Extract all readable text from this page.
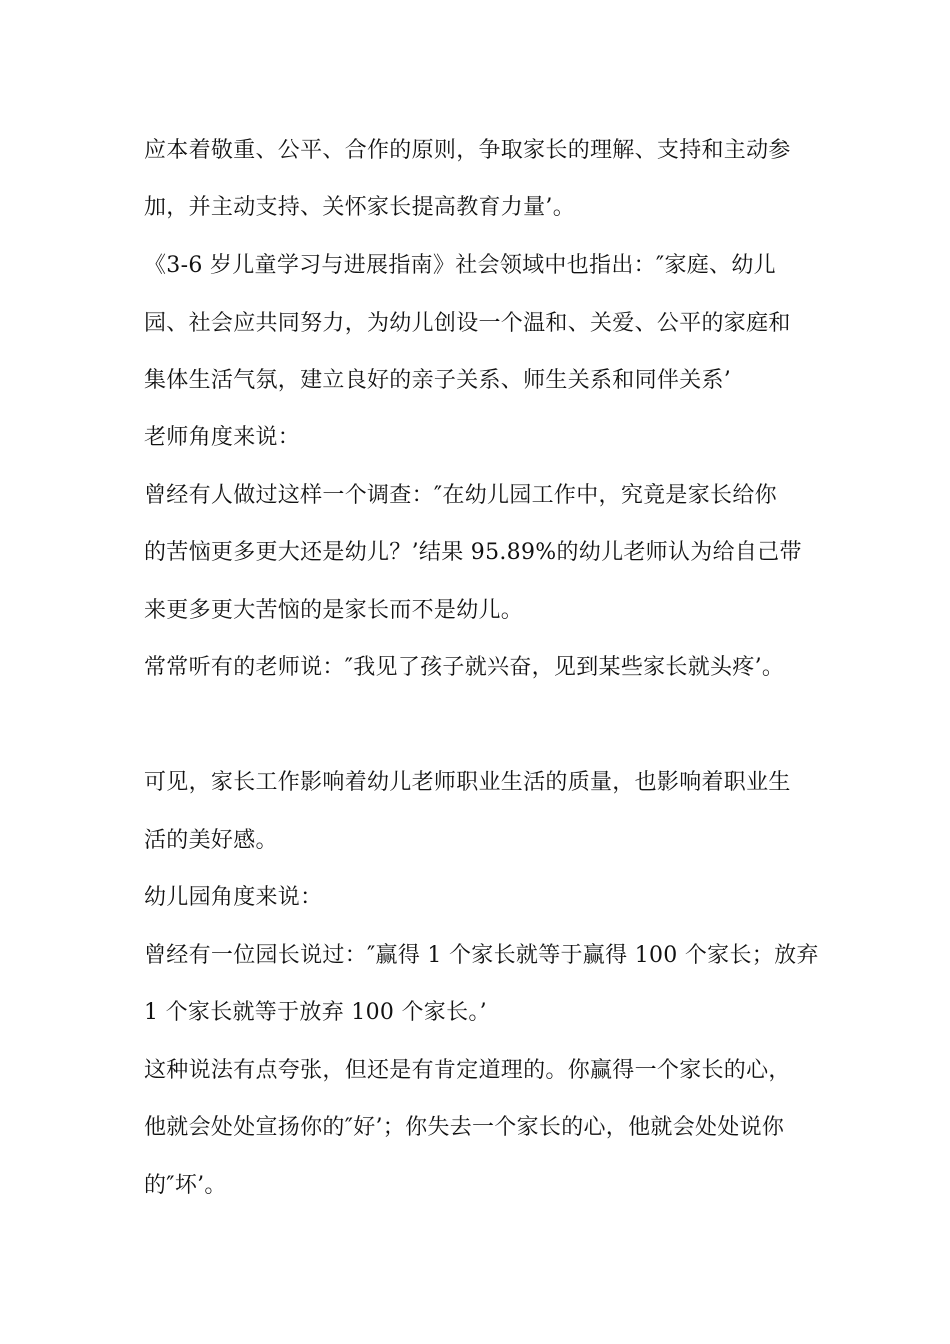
应本着敬重、公平、合作的原则，争取家长的理解、支持和主动参
加，并主动支持、关怀家长提高教育力量’。
《3-6 岁儿童学习与进展指南》社会领域中也指出：″家庭、幼儿
园、社会应共同努力，为幼儿创设一个温和、关爱、公平的家庭和
集体生活气氛，建立良好的亲子关系、师生关系和同伴关系’
老师角度来说：
曾经有人做过这样一个调查：″在幼儿园工作中，究竟是家长给你
的苦恼更多更大还是幼儿？’结果 95.89%的幼儿老师认为给自己带
来更多更大苦恼的是家长而不是幼儿。
常常听有的老师说：″我见了孩子就兴奋，见到某些家长就头疼’。
可见，家长工作影响着幼儿老师职业生活的质量，也影响着职业生
活的美好感。
幼儿园角度来说：
曾经有一位园长说过：″赢得 1 个家长就等于赢得 100 个家长；放弃
1 个家长就等于放弃 100 个家长。’
这种说法有点夸张，但还是有肯定道理的。你赢得一个家长的心，
他就会处处宣扬你的″好’；你失去一个家长的心，他就会处处说你
的″坏’。
